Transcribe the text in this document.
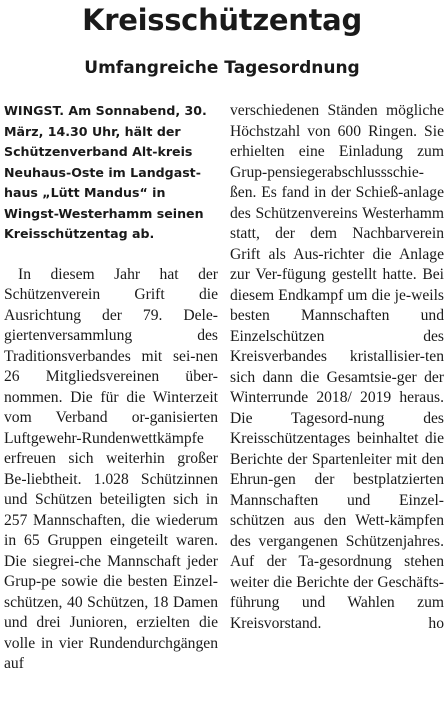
Kreisschützentag
Umfangreiche Tagesordnung

WINGST. Am Sonnabend, 30. März, 14.30 Uhr, hält der Schützenverband Alt-kreis Neuhaus-Oste im Landgast-haus „Lütt Mandus“ in Wingst-Westerhamm seinen Kreisschützentag ab.

In diesem Jahr hat der Schützenverein Grift die Ausrichtung der 79. Dele-giertenversammlung des Traditionsverbandes mit sei-nen 26 Mitgliedsvereinen über-nommen. Die für die Winterzeit vom Verband or-ganisierten Luftgewehr-Rundenwettkämpfe erfreuen sich weiterhin großer Be-liebtheit. 1.028 Schützinnen und Schützen beteiligten sich in 257 Mannschaften, die wiederum in 65 Gruppen eingeteilt waren. Die siegrei-che Mannschaft jeder Grup-pe sowie die besten Einzel-schützen, 40 Schützen, 18 Damen und drei Junioren, erzielten die volle in vier Rundendurchgängen auf

verschiedenen Ständen mögliche Höchstzahl von 600 Ringen. Sie erhielten eine Einladung zum Grup-pensiegerabschlussschie-ßen. Es fand in der Schieß-anlage des Schützenvereins Westerhamm statt, der dem Nachbarverein Grift als Aus-richter die Anlage zur Ver-fügung gestellt hatte. Bei diesem Endkampf um die je-weils besten Mannschaften und Einzelschützen des Kreisverbandes kristallisier-ten sich dann die Gesamtsie-ger der Winterrunde 2018/ 2019 heraus. Die Tagesord-nung des Kreisschützentages beinhaltet die Berichte der Spartenleiter mit den Ehrun-gen der bestplatzierten Mannschaften und Einzel-schützen aus den Wett-kämpfen des vergangenen Schützenjahres. Auf der Ta-gesordnung stehen weiter die Berichte der Geschäfts-führung und Wahlen zum Kreisvorstand.	ho
